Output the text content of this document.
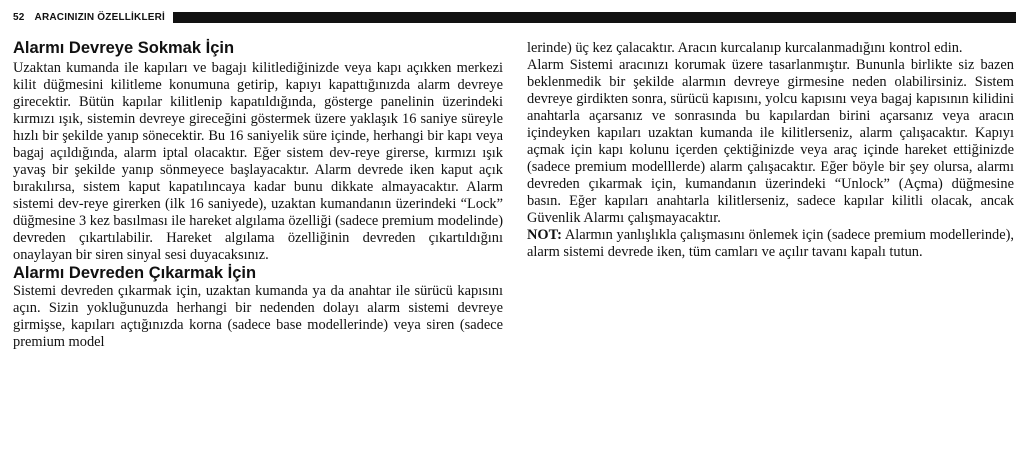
52 ARACINIZIN ÖZELLİKLERİ
Alarmı Devreye Sokmak İçin

Uzaktan kumanda ile kapıları ve bagajı kilitlediğinizde veya kapı açıkken merkezi kilit düğmesini kilitleme konumuna getirip, kapıyı kapattığınızda alarm devreye girecektir. Bütün kapılar kilitlenip kapatıldığında, gösterge panelinin üzerindeki kırmızı ışık, sistemin devreye gireceğini göstermek üzere yaklaşık 16 saniye süreyle hızlı bir şekilde yanıp sönecektir. Bu 16 saniyelik süre içinde, herhangi bir kapı veya bagaj açıldığında, alarm iptal olacaktır. Eğer sistem dev-reye girerse, kırmızı ışık yavaş bir şekilde yanıp sönmeyece başlayacaktır. Alarm devrede iken kaput açık bırakılırsa, sistem kaput kapatılıncaya kadar bunu dikkate almayacaktır. Alarm sistemi dev-reye girerken (ilk 16 saniyede), uzaktan kumandanın üzerindeki “Lock” düğmesine 3 kez basılması ile hareket algılama özelliği (sadece premium modelinde) devreden çıkartılabilir. Hareket algılama özelliğinin devreden çıkartıldığını onaylayan bir siren sinyal sesi duyacaksınız.

Alarmı Devreden Çıkarmak İçin

Sistemi devreden çıkarmak için, uzaktan kumanda ya da anahtar ile sürücü kapısını açın. Sizin yokluğunuzda herhangi bir nedenden dolayı alarm sistemi devreye girmişse, kapıları açtığınızda korna (sadece base modellerinde) veya siren (sadece premium model

lerinde) üç kez çalacaktır. Aracın kurcalanıp kurcalanmadığını kontrol edin.

Alarm Sistemi aracınızı korumak üzere tasarlanmıştır. Bununla birlikte siz bazen beklenmedik bir şekilde alarmın devreye girmesine neden olabilirsiniz. Sistem devreye girdikten sonra, sürücü kapısını, yolcu kapısını veya bagaj kapısının kilidini anahtarla açarsanız ve sonrasında bu kapılardan birini açarsanız veya aracın içindeyken kapıları uzaktan kumanda ile kilitlerseniz, alarm çalışacaktır. Kapıyı açmak için kapı kolunu içerden çektiğinizde veya araç içinde hareket ettiğinizde (sadece premium modelllerde) alarm çalışacaktır. Eğer böyle bir şey olursa, alarmı devreden çıkarmak için, kumandanın üzerindeki “Unlock” (Açma) düğmesine basın. Eğer kapıları anahtarla kilitlerseniz, sadece kapılar kilitli olacak, ancak Güvenlik Alarmı çalışmayacaktır.

NOT: Alarmın yanlışlıkla çalışmasını önlemek için (sadece premium modellerinde), alarm sistemi devrede iken, tüm camları ve açılır tavanı kapalı tutun.
